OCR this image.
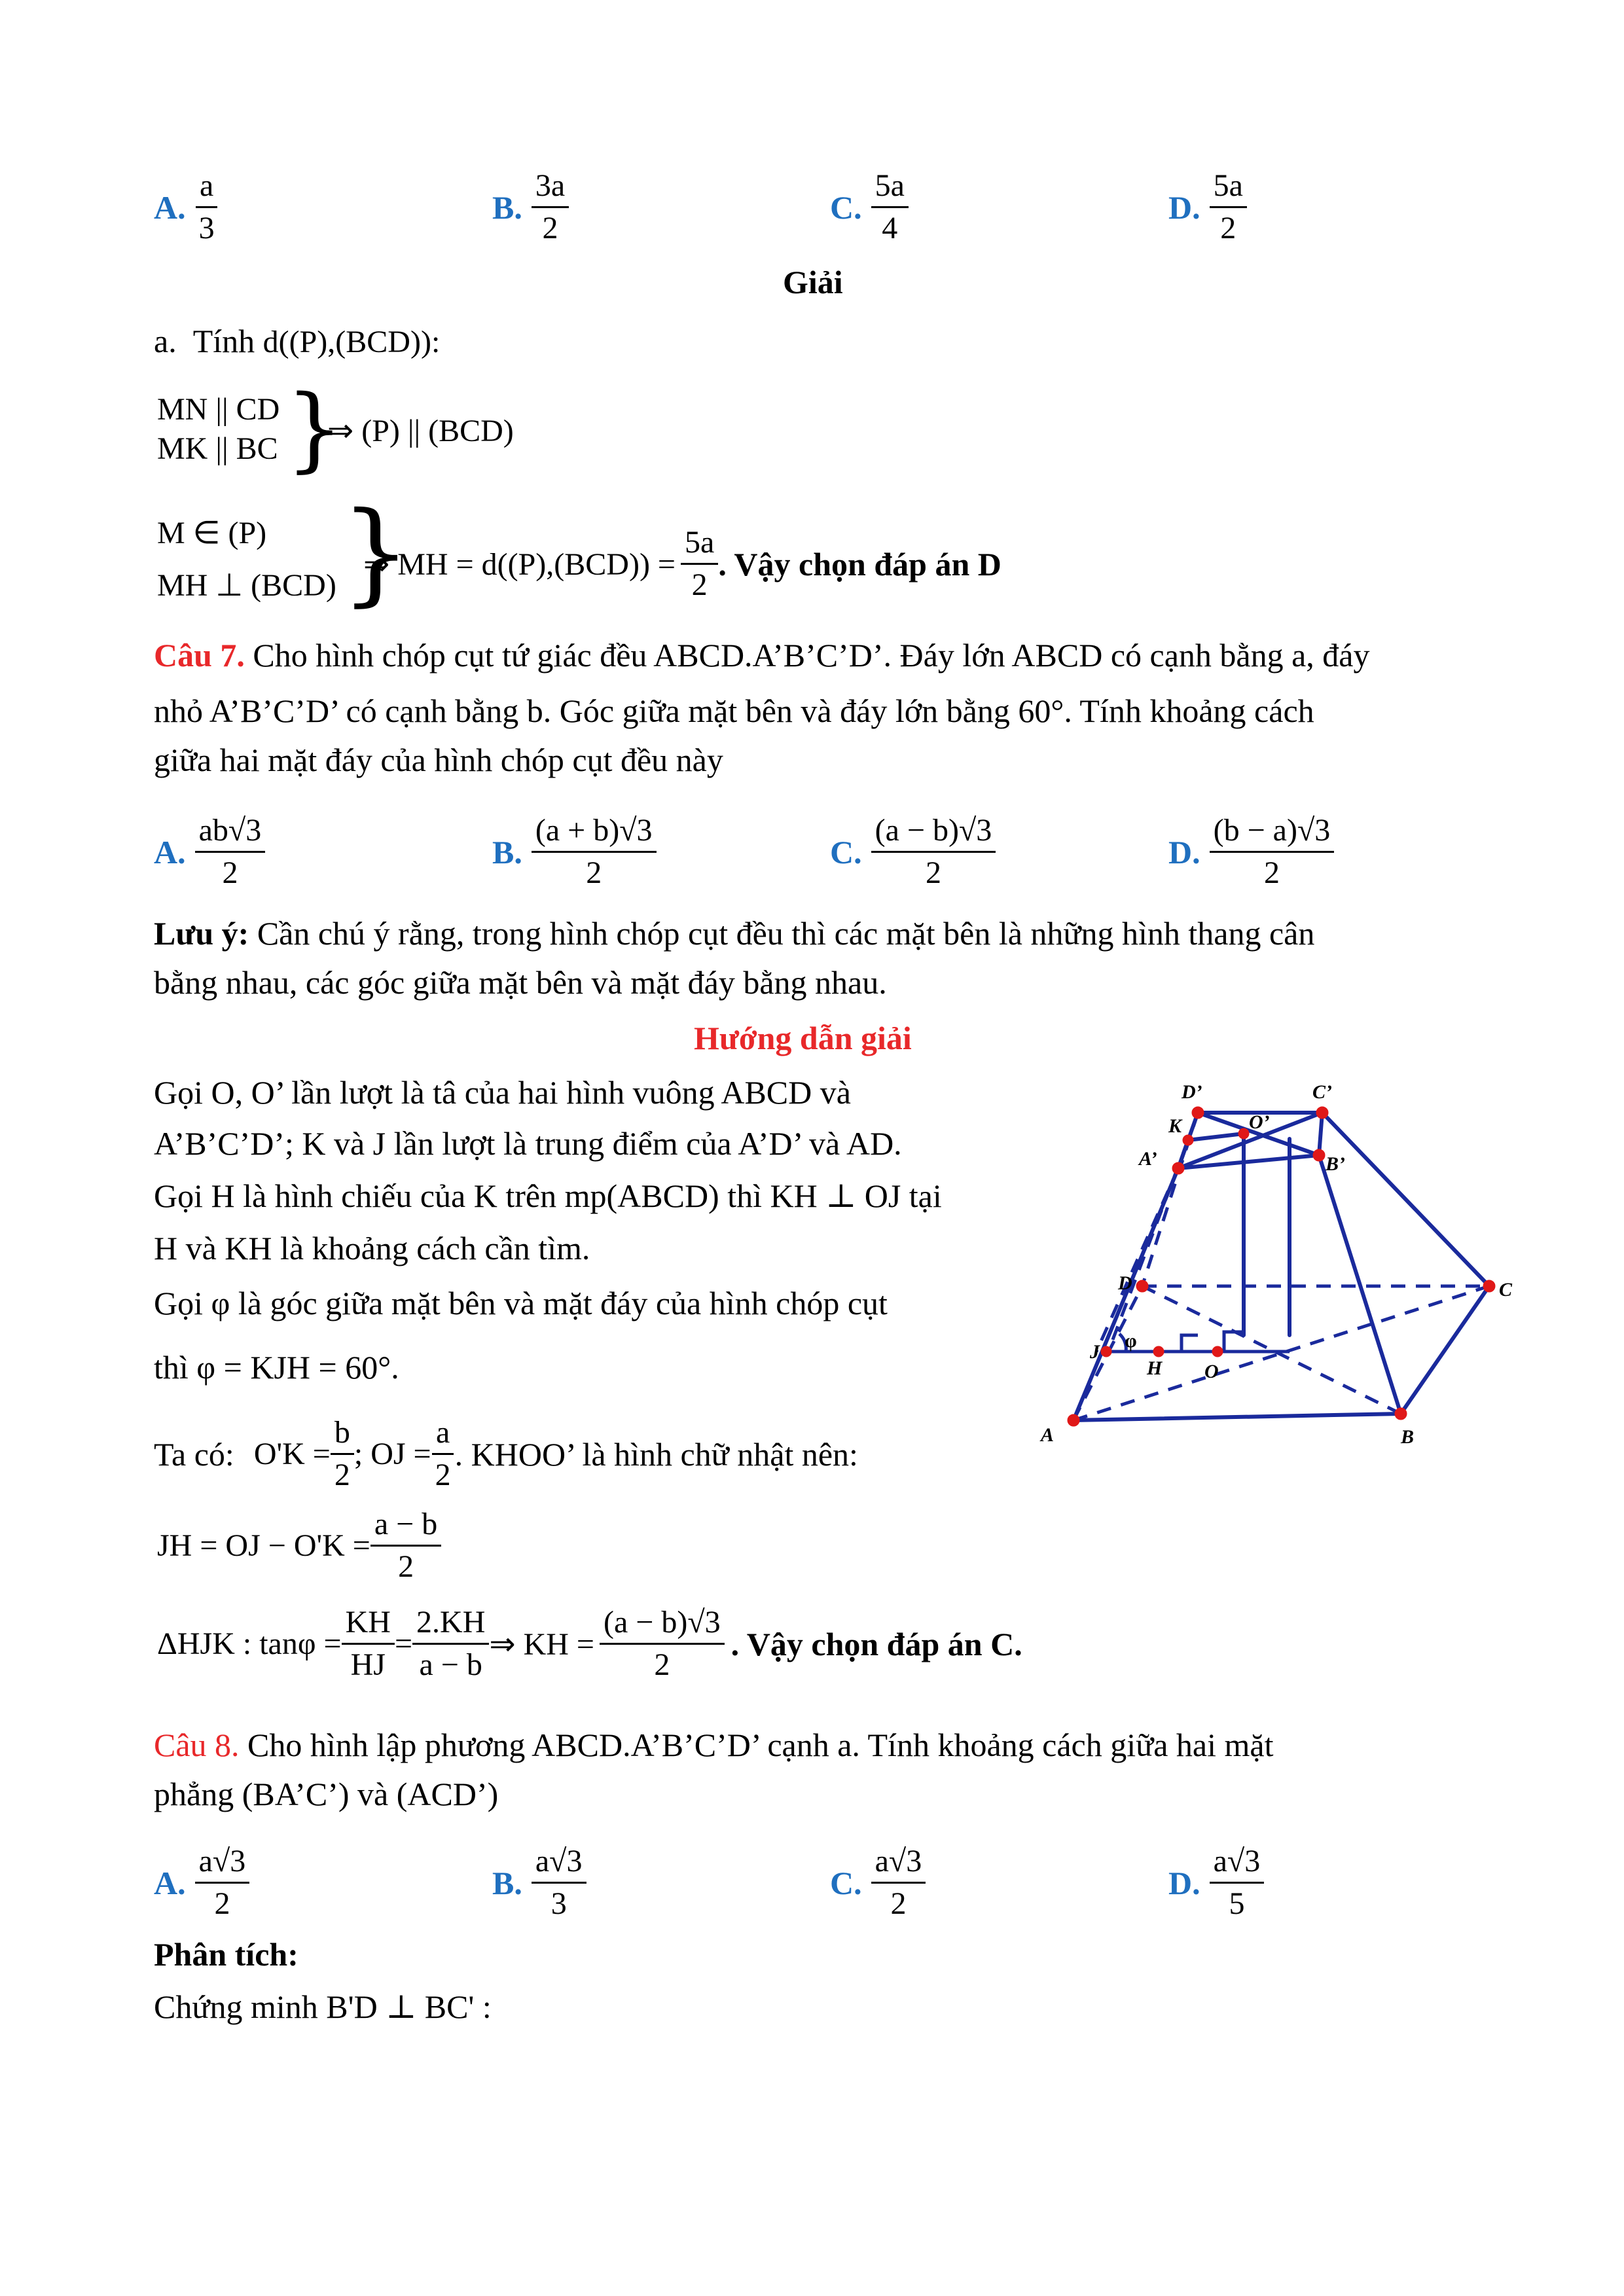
A. $\frac{a}{3}$	B. $\frac{3a}{2}$	C. $\frac{5a}{4}$	D. $\frac{5a}{2}$
Giải
a. Tính d((P),(BCD)):
MN || CD
MK || BC }
⇒ (P) || (BCD)
M ∈ (P)
MH ⊥ (BCD) }
⇒ MH = $d((P),(BCD)) = \frac{5a}{2}$ . Vậy chọn đáp án D
Câu 7. Cho hình chóp cụt tứ giác đều ABCD.A’B’C’D’. Đáy lớn ABCD có cạnh bằng a, đáy
nhỏ A’B’C’D’ có cạnh bằng b. Góc giữa mặt bên và đáy lớn bằng 60°. Tính khoảng cách
giữa hai mặt đáy của hình chóp cụt đều này
A. $\frac{ab√3}{2}$	B. $\frac{(a + b)√3}{2}$	C. $\frac{(a - b)√3}{2}$	D. $\frac{(b - a)√3}{2}$
Lưu ý: Cần chú ý rằng, trong hình chóp cụt đều thì các mặt bên là những hình thang cân
bằng nhau, các góc giữa mặt bên và mặt đáy bằng nhau.
Hướng dẫn giải
Gọi O, O’ lần lượt là tâ của hai hình vuông ABCD và
A’B’C’D’; K và J lần lượt là trung điểm của A’D’ và AD.
Gọi H là hình chiếu của K trên mp(ABCD) thì KH ⊥ OJ tại
H và KH là khoảng cách cần tìm.
Gọi φ là góc giữa mặt bên và mặt đáy của hình chóp cụt
thì φ = KJH = 60°.
Ta có: $O'K = \frac{b}{2}$ ; OJ = $\frac{a}{2}$ . KHOO’ là hình chữ nhật nên:
JH = OJ − $O'K = \frac{a - b}{2}$
ΔHJK : $\tan\varphi = \frac{KH}{HJ} = \frac{2.KH}{a - b}$ ⇒ KH = $\frac{(a - b)√3}{2}$ . Vậy chọn đáp án C.
A	B
C
D
A’	B’
C’
D’
K	O’
O
H
J
φ
Câu 8. Cho hình lập phương ABCD.A’B’C’D’ cạnh a. Tính khoảng cách giữa hai mặt
phẳng (BA’C’) và (ACD’)
A. $\frac{a√3}{2}$	B. $\frac{a√3}{3}$	C. $\frac{a√3}{2}$	D. $\frac{a√3}{5}$
Phân tích:
Chứng minh B'D ⊥ BC' :
